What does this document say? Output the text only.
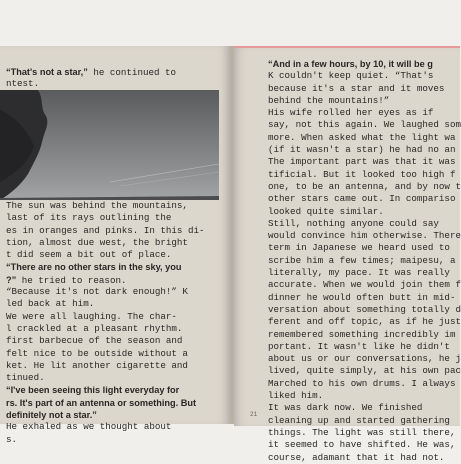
“That's not a star,” he continued to
ntest.
The sun was behind the mountains,
last of its rays outlining the
es in oranges and pinks. In this di-
tion, almost due west, the bright
t did seem a bit out of place.
“There are no other stars in the sky, you
?” he tried to reason.
“Because it's not dark enough!” K
led back at him.
We were all laughing. The char-
l crackled at a pleasant rhythm.
first barbecue of the season and
felt nice to be outside without a
ket. He lit another cigarette and
tinued.
“I've been seeing this light everyday for
rs. It's part of an antenna or something. But
definitely not a star.”
He exhaled as we thought about
s.
“And in a few hours, by 10, it will be g
K couldn't keep quiet. “That's
because it's a star and it moves
behind the mountains!”
His wife rolled her eyes as if
say, not this again. We laughed som
more. When asked what the light wa
(if it wasn't a star) he had no an
The important part was that it was
tificial. But it looked too high f
one, to be an antenna, and by now t
other stars came out. In compariso
looked quite similar.
Still, nothing anyone could say
would convince him otherwise. There
term in Japanese we heard used to
scribe him a few times; maipesu, a
literally, my pace. It was really
accurate. When we would join them f
dinner he would often butt in mid-
versation about something totally d
ferent and off topic, as if he just
remembered something incredibly im
portant. It wasn't like he didn't
about us or our conversations, he j
lived, quite simply, at his own pac
Marched to his own drums. I always
liked him.
It was dark now. We finished
cleaning up and started gathering
things. The light was still there,
it seemed to have shifted. He was,
course, adamant that it had not.
21
